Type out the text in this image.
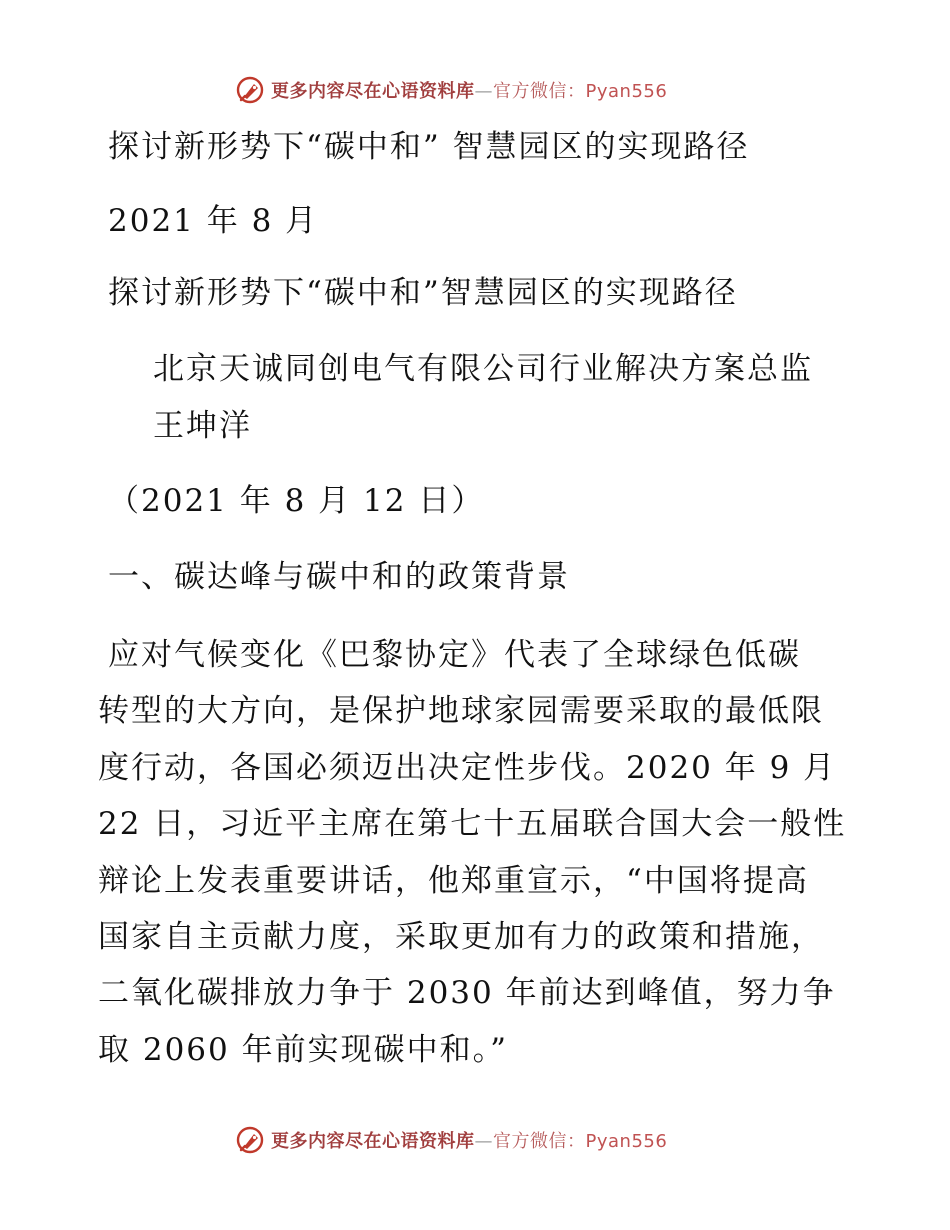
更多内容尽在心语资料库—官方微信：Pyan556
探讨新形势下“碳中和” 智慧园区的实现路径
2021 年 8 月
探讨新形势下“碳中和”智慧园区的实现路径
北京天诚同创电气有限公司行业解决方案总监
王坤洋
（2021 年 8 月 12 日）
一、碳达峰与碳中和的政策背景
应对气候变化《巴黎协定》代表了全球绿色低碳
转型的大方向，是保护地球家园需要采取的最低限
度行动，各国必须迈出决定性步伐。2020 年 9 月
22 日，习近平主席在第七十五届联合国大会一般性
辩论上发表重要讲话，他郑重宣示，“中国将提高
国家自主贡献力度，采取更加有力的政策和措施，
二氧化碳排放力争于 2030 年前达到峰值，努力争
取 2060 年前实现碳中和。”
更多内容尽在心语资料库—官方微信：Pyan556
